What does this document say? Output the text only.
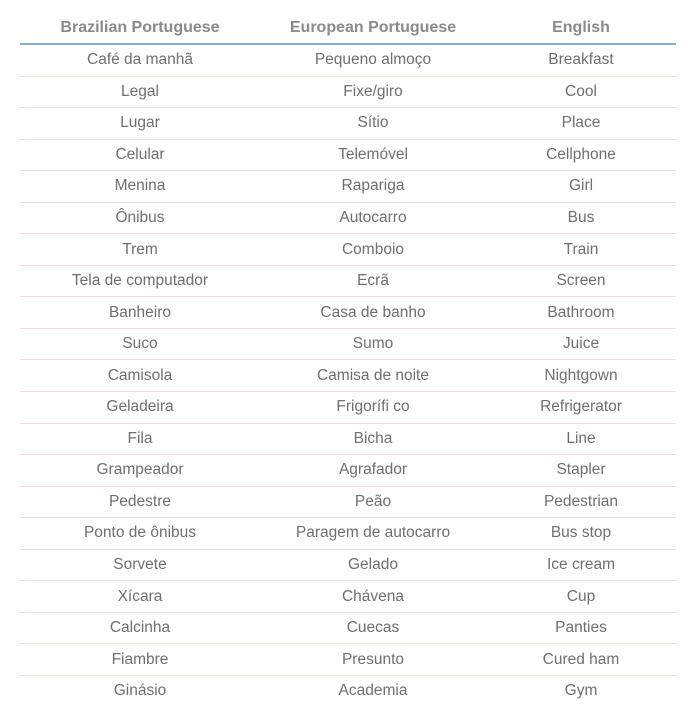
Brazilian Portuguese	European Portuguese	English
Café da manhã	Pequeno almoço	Breakfast
Legal	Fixe/giro	Cool
Lugar	Sítio	Place
Celular	Telemóvel	Cellphone
Menina	Rapariga	Girl
Ônibus	Autocarro	Bus
Trem	Comboio	Train
Tela de computador	Ecrã	Screen
Banheiro	Casa de banho	Bathroom
Suco	Sumo	Juice
Camisola	Camisa de noite	Nightgown
Geladeira	Frigorífi co	Refrigerator
Fila	Bicha	Line
Grampeador	Agrafador	Stapler
Pedestre	Peão	Pedestrian
Ponto de ônibus	Paragem de autocarro	Bus stop
Sorvete	Gelado	Ice cream
Xícara	Chávena	Cup
Calcinha	Cuecas	Panties
Fiambre	Presunto	Cured ham
Ginásio	Academia	Gym
